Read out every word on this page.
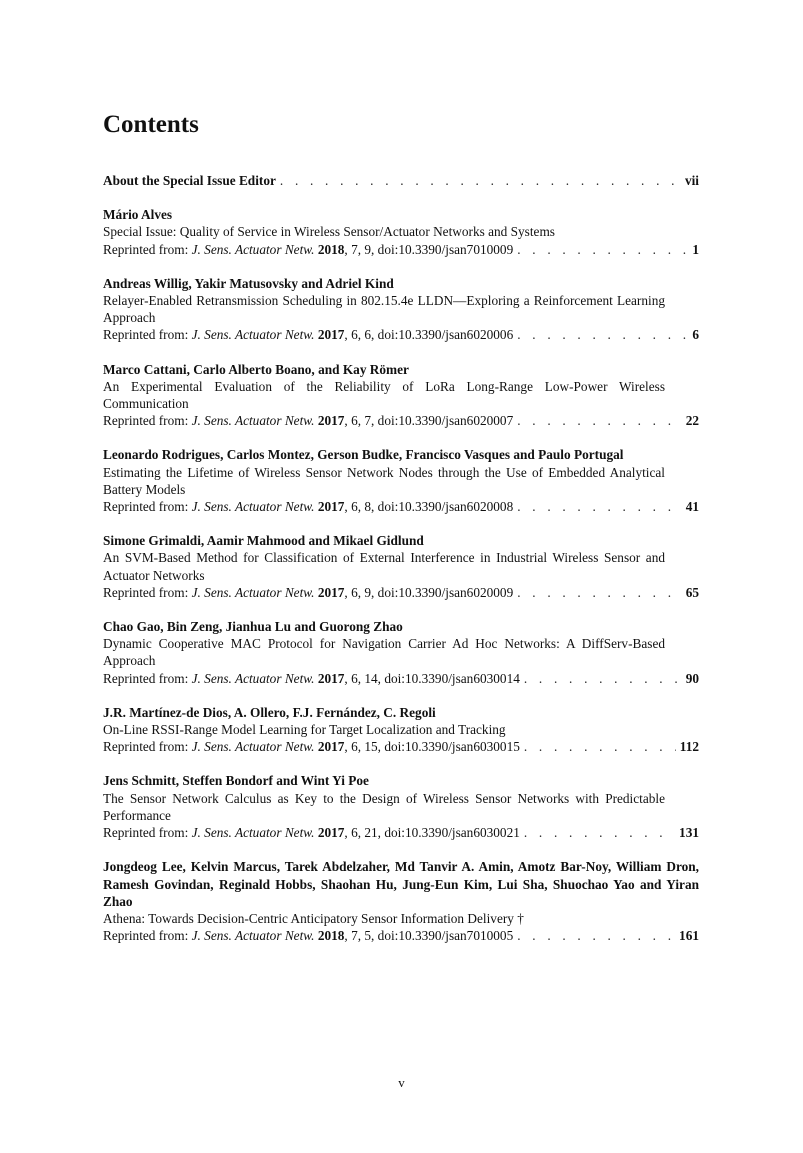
Contents
About the Special Issue Editor . . .	vii
Mário Alves
Special Issue: Quality of Service in Wireless Sensor/Actuator Networks and Systems
Reprinted from: J. Sens. Actuator Netw. 2018, 7, 9, doi:10.3390/jsan7010009 . . .	1
Andreas Willig, Yakir Matusovsky and Adriel Kind
Relayer-Enabled Retransmission Scheduling in 802.15.4e LLDN—Exploring a Reinforcement Learning Approach
Reprinted from: J. Sens. Actuator Netw. 2017, 6, 6, doi:10.3390/jsan6020006 . . .	6
Marco Cattani, Carlo Alberto Boano, and Kay Römer
An Experimental Evaluation of the Reliability of LoRa Long-Range Low-Power Wireless Communication
Reprinted from: J. Sens. Actuator Netw. 2017, 6, 7, doi:10.3390/jsan6020007 . . .	22
Leonardo Rodrigues, Carlos Montez, Gerson Budke, Francisco Vasques and Paulo Portugal
Estimating the Lifetime of Wireless Sensor Network Nodes through the Use of Embedded Analytical Battery Models
Reprinted from: J. Sens. Actuator Netw. 2017, 6, 8, doi:10.3390/jsan6020008 . . .	41
Simone Grimaldi, Aamir Mahmood and Mikael Gidlund
An SVM-Based Method for Classification of External Interference in Industrial Wireless Sensor and Actuator Networks
Reprinted from: J. Sens. Actuator Netw. 2017, 6, 9, doi:10.3390/jsan6020009 . . .	65
Chao Gao, Bin Zeng, Jianhua Lu and Guorong Zhao
Dynamic Cooperative MAC Protocol for Navigation Carrier Ad Hoc Networks: A DiffServ-Based Approach
Reprinted from: J. Sens. Actuator Netw. 2017, 6, 14, doi:10.3390/jsan6030014 . . .	90
J.R. Martínez-de Dios, A. Ollero, F.J. Fernández, C. Regoli
On-Line RSSI-Range Model Learning for Target Localization and Tracking
Reprinted from: J. Sens. Actuator Netw. 2017, 6, 15, doi:10.3390/jsan6030015 . . .	112
Jens Schmitt, Steffen Bondorf and Wint Yi Poe
The Sensor Network Calculus as Key to the Design of Wireless Sensor Networks with Predictable Performance
Reprinted from: J. Sens. Actuator Netw. 2017, 6, 21, doi:10.3390/jsan6030021 . . .	131
Jongdeog Lee, Kelvin Marcus, Tarek Abdelzaher, Md Tanvir A. Amin, Amotz Bar-Noy, William Dron, Ramesh Govindan, Reginald Hobbs, Shaohan Hu, Jung-Eun Kim, Lui Sha, Shuochao Yao and Yiran Zhao
Athena: Towards Decision-Centric Anticipatory Sensor Information Delivery †
Reprinted from: J. Sens. Actuator Netw. 2018, 7, 5, doi:10.3390/jsan7010005 . . .	161
v
